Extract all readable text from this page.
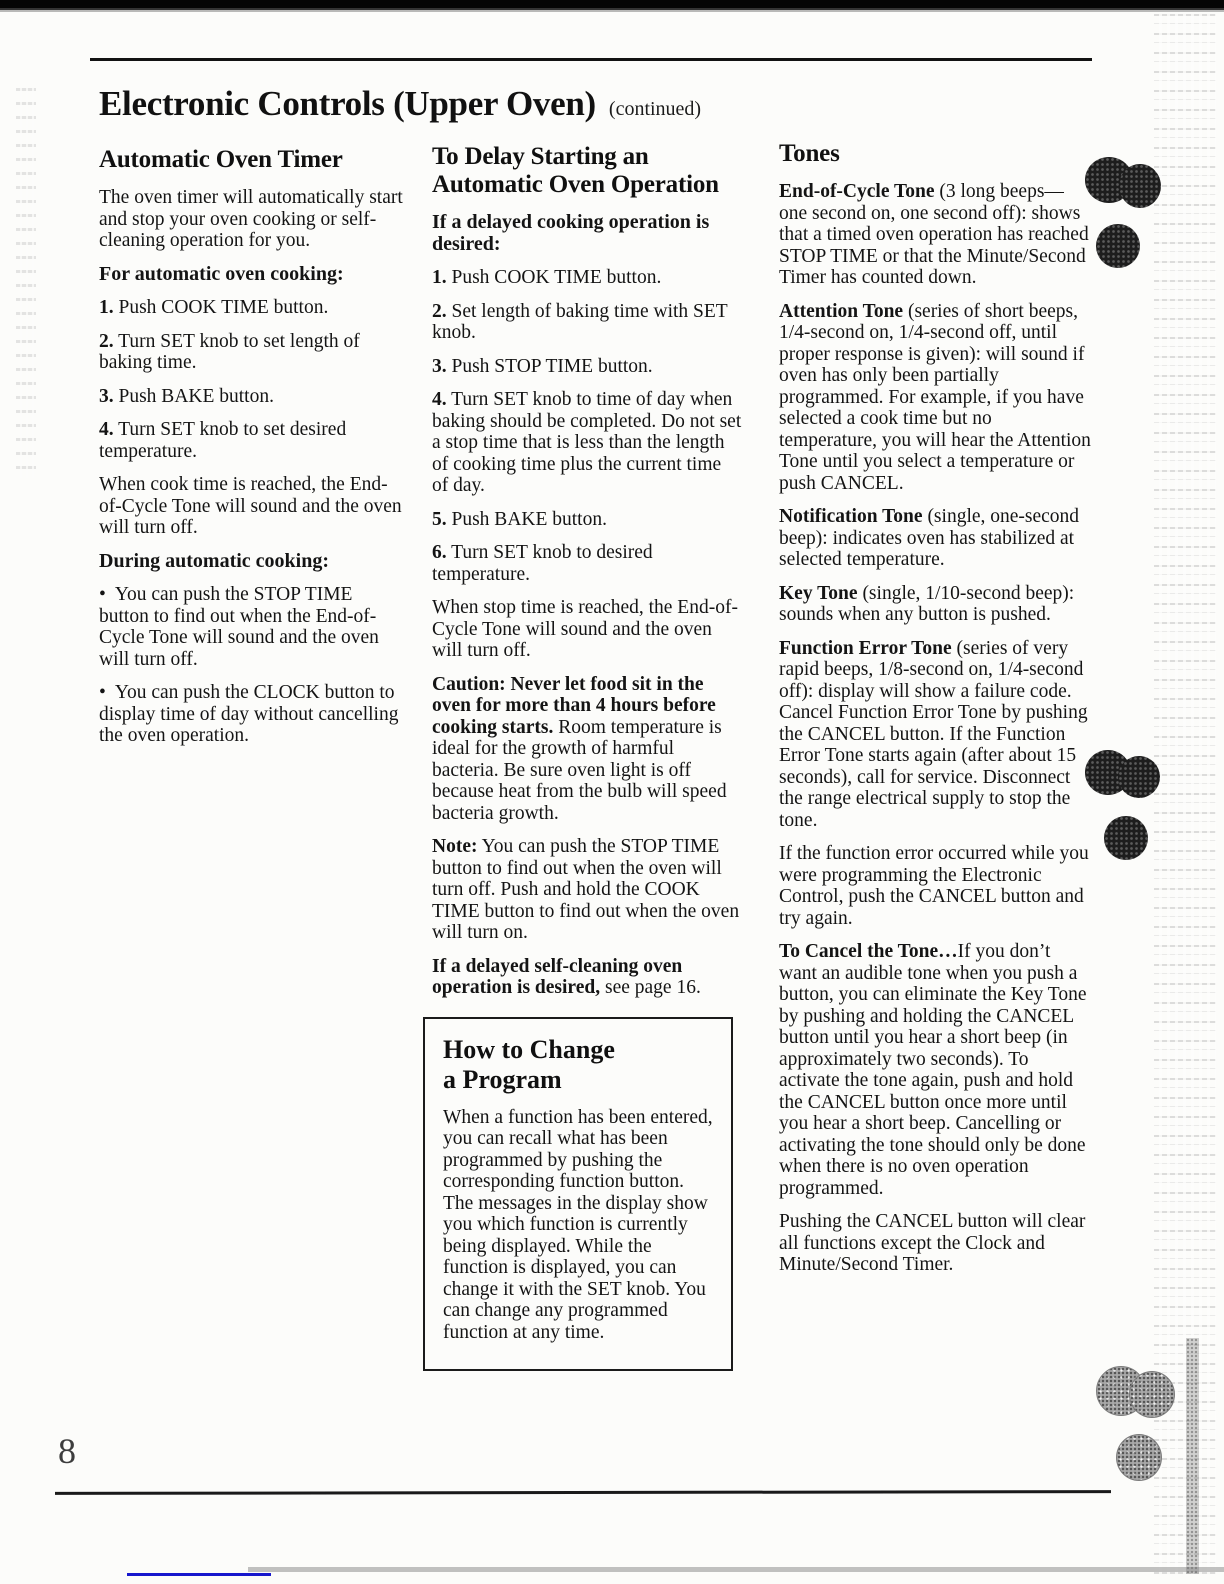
Electronic Controls (Upper Oven) (continued)
Automatic Oven Timer

The oven timer will automatically start and stop your oven cooking or self-cleaning operation for you.

For automatic oven cooking:

1. Push COOK TIME button.

2. Turn SET knob to set length of baking time.

3. Push BAKE button.

4. Turn SET knob to set desired temperature.

When cook time is reached, the End-of-Cycle Tone will sound and the oven will turn off.

During automatic cooking:

• You can push the STOP TIME button to find out when the End-of-Cycle Tone will sound and the oven will turn off.

• You can push the CLOCK button to display time of day without cancelling the oven operation.

To Delay Starting an Automatic Oven Operation

If a delayed cooking operation is desired:

1. Push COOK TIME button.

2. Set length of baking time with SET knob.

3. Push STOP TIME button.

4. Turn SET knob to time of day when baking should be completed. Do not set a stop time that is less than the length of cooking time plus the current time of day.

5. Push BAKE button.

6. Turn SET knob to desired temperature.

When stop time is reached, the End-of-Cycle Tone will sound and the oven will turn off.

Caution: Never let food sit in the oven for more than 4 hours before cooking starts. Room temperature is ideal for the growth of harmful bacteria. Be sure oven light is off because heat from the bulb will speed bacteria growth.

Note: You can push the STOP TIME button to find out when the oven will turn off. Push and hold the COOK TIME button to find out when the oven will turn on.

If a delayed self-cleaning oven operation is desired, see page 16.

How to Change
a Program

When a function has been entered, you can recall what has been programmed by pushing the corresponding function button. The messages in the display show you which function is currently being displayed. While the function is displayed, you can change it with the SET knob. You can change any programmed function at any time.

Tones

End-of-Cycle Tone (3 long beeps—one second on, one second off): shows that a timed oven operation has reached STOP TIME or that the Minute/Second Timer has counted down.

Attention Tone (series of short beeps, 1/4-second on, 1/4-second off, until proper response is given): will sound if oven has only been partially programmed. For example, if you have selected a cook time but no temperature, you will hear the Attention Tone until you select a temperature or push CANCEL.

Notification Tone (single, one-second beep): indicates oven has stabilized at selected temperature.

Key Tone (single, 1/10-second beep): sounds when any button is pushed.

Function Error Tone (series of very rapid beeps, 1/8-second on, 1/4-second off): display will show a failure code. Cancel Function Error Tone by pushing the CANCEL button. If the Function Error Tone starts again (after about 15 seconds), call for service. Disconnect the range electrical supply to stop the tone.

If the function error occurred while you were programming the Electronic Control, push the CANCEL button and try again.

To Cancel the Tone…If you don’t want an audible tone when you push a button, you can eliminate the Key Tone by pushing and holding the CANCEL button until you hear a short beep (in approximately two seconds). To activate the tone again, push and hold the CANCEL button once more until you hear a short beep. Cancelling or activating the tone should only be done when there is no oven operation programmed.

Pushing the CANCEL button will clear all functions except the Clock and Minute/Second Timer.

8
